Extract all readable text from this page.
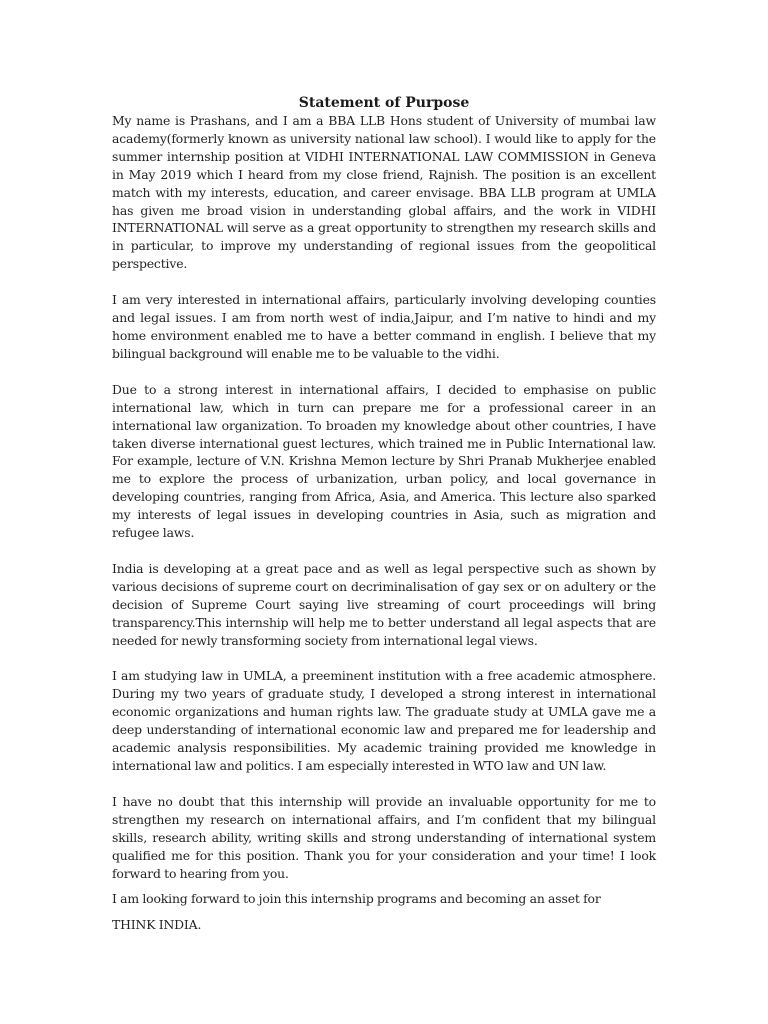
Statement of Purpose

My name is Prashans, and I am a BBA LLB Hons student of University of mumbai law academy(formerly known as university national law school). I would like to apply for the summer internship position at VIDHI INTERNATIONAL LAW COMMISSION in Geneva in May 2019 which I heard from my close friend, Rajnish. The position is an excellent match with my interests, education, and career envisage. BBA LLB program at UMLA has given me broad vision in understanding global affairs, and the work in VIDHI INTERNATIONAL will serve as a great opportunity to strengthen my research skills and in particular, to improve my understanding of regional issues from the geopolitical perspective.

I am very interested in international affairs, particularly involving developing counties and legal issues. I am from north west of india,Jaipur, and I’m native to hindi and my home environment enabled me to have a better command in english. I believe that my bilingual background will enable me to be valuable to the vidhi.

Due to a strong interest in international affairs, I decided to emphasise on public international law, which in turn can prepare me for a professional career in an international law organization. To broaden my knowledge about other countries, I have taken diverse international guest lectures, which trained me in Public International law. For example, lecture of V.N. Krishna Memon lecture by Shri Pranab Mukherjee enabled me to explore the process of urbanization, urban policy, and local governance in developing countries, ranging from Africa, Asia, and America. This lecture also sparked my interests of legal issues in developing countries in Asia, such as migration and refugee laws.

India is developing at a great pace and as well as legal perspective such as shown by various decisions of supreme court on decriminalisation of gay sex or on adultery or the decision of Supreme Court saying live streaming of court proceedings will bring transparency.This internship will help me to better understand all legal aspects that are needed for newly transforming society from international legal views.

I am studying law in UMLA, a preeminent institution with a free academic atmosphere. During my two years of graduate study, I developed a strong interest in international economic organizations and human rights law. The graduate study at UMLA gave me a deep understanding of international economic law and prepared me for leadership and academic analysis responsibilities. My academic training provided me knowledge in international law and politics. I am especially interested in WTO law and UN law.

I have no doubt that this internship will provide an invaluable opportunity for me to strengthen my research on international affairs, and I’m confident that my bilingual skills, research ability, writing skills and strong understanding of international system qualified me for this position. Thank you for your consideration and your time! I look forward to hearing from you.

I am looking forward to join this internship programs and becoming an asset for

THINK INDIA.
